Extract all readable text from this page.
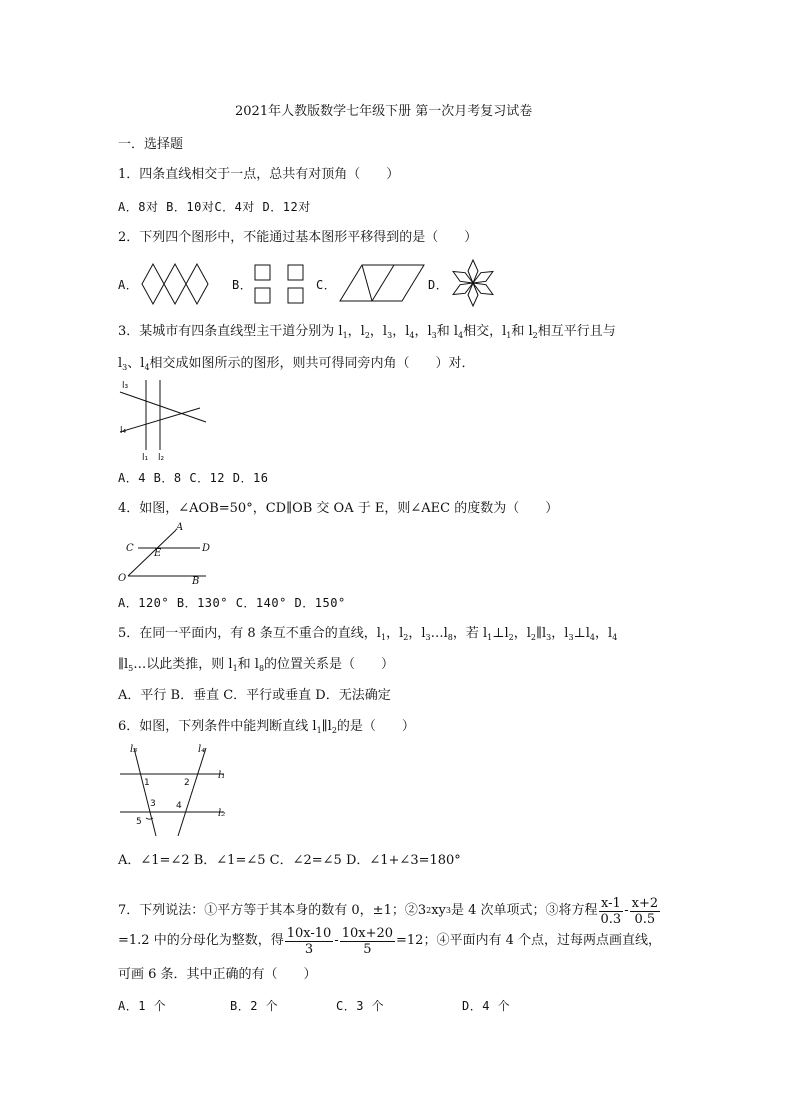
2021年人教版数学七年级下册 第一次月考复习试卷
一．选择题
1．四条直线相交于一点，总共有对顶角（　　）
A．8对 B．10对C．4对 D．12对
2．下列四个图形中，不能通过基本图形平移得到的是（　　）
A．	B．	C．	D．
3．某城市有四条直线型主干道分别为 $l_1$，$l_2$，$l_3$，$l_4$，$l_3$和 $l_4$相交，$l_1$和 $l_2$相互平行且与
$l_3$、$l_4$相交成如图所示的图形，则共可得同旁内角（　　）对．
l₃
l₄
l₁ l₂
A．4 B．8 C．12 D．16
4．如图，∠AOB=50°，CD∥OB 交 OA 于 E，则∠AEC 的度数为（　　）
A
C E	D
O	B
A．120° B．130° C．140° D．150°
5．在同一平面内，有 8 条互不重合的直线，$l_1$，$l_2$，$l_3\dots l_8$，若 $l_1\perp l_2$，$l_2\parallel l_3$，$l_3\perp l_4$，$l_4$
$\parallel l_5\dots$以此类推，则 $l_1$和 $l_8$的位置关系是（　　）
A．平行 B．垂直 C．平行或垂直 D．无法确定
6．如图，下列条件中能判断直线 $l_1\parallel l_2$的是（　　）
l₃	l₄
l₁
l₂
1	2
3 4
5
A．∠1=∠2 B．∠1=∠5 C．∠2=∠5 D．∠1+∠3=180°
7．下列说法：①平方等于其本身的数有 0，±1；②3 2 xy 3 是 4 次单项式；③将方程 $\frac{x-1}{0.3} - \frac{x+2}{0.5}$
=1.2 中的分母化为整数，得 $\frac{10x-10}{3} - \frac{10x+20}{5} =12$；④平面内有 4 个点，过每两点画直线，
可画 6 条．其中正确的有（　　）
A．1 个	B．2 个	C．3 个	D．4 个
